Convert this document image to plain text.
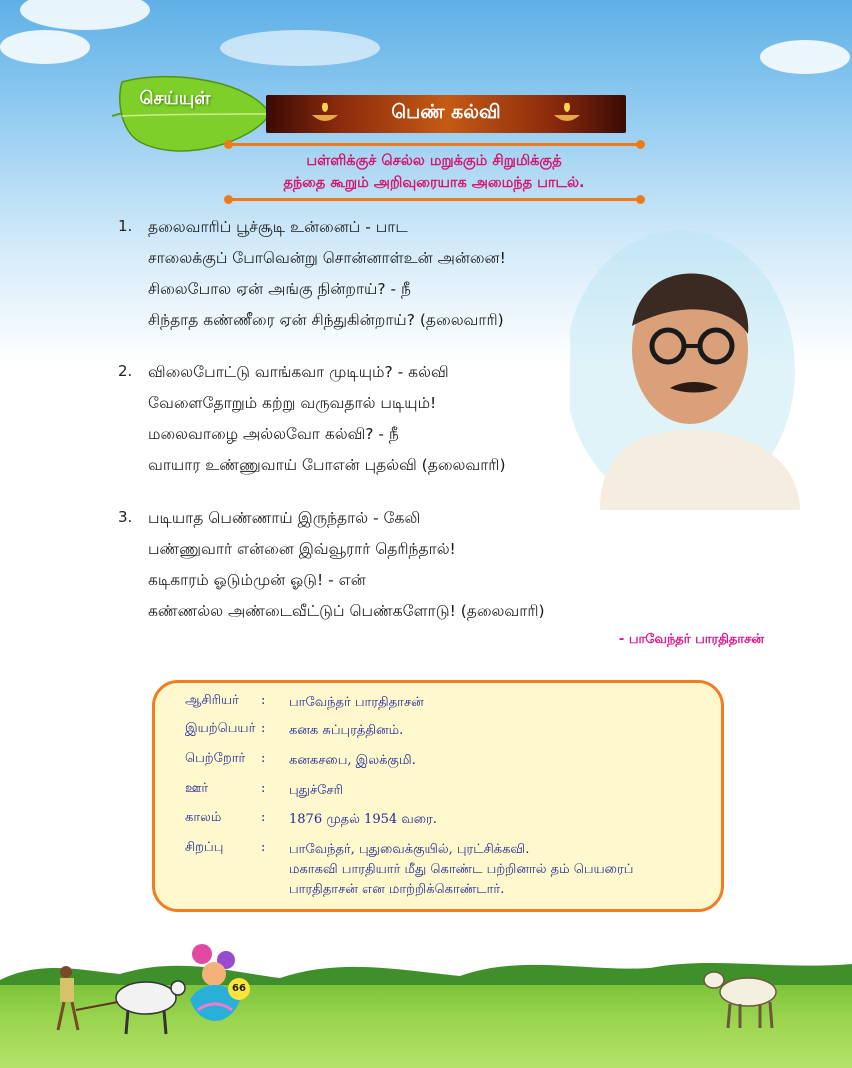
செய்யுள்
பெண் கல்வி
பள்ளிக்குச் செல்ல மறுக்கும் சிறுமிக்குத்
தந்தை கூறும் அறிவுரையாக அமைந்த பாடல்.
1. தலைவாரிப் பூச்சூடி உன்னைப் - பாட
சாலைக்குப் போவென்று சொன்னாள்உன் அன்னை!
சிலைபோல ஏன் அங்கு நின்றாய்? - நீ
சிந்தாத கண்ணீரை ஏன் சிந்துகின்றாய்? (தலைவாரி)
2. விலைபோட்டு வாங்கவா முடியும்? - கல்வி
வேளைதோறும் கற்று வருவதால் படியும்!
மலைவாழை அல்லவோ கல்வி? - நீ
வாயார உண்ணுவாய் போஎன் புதல்வி (தலைவாரி)
3. படியாத பெண்ணாய் இருந்தால் - கேலி
பண்ணுவார் என்னை இவ்வூரார் தெரிந்தால்!
கடிகாரம் ஓடும்முன் ஓடு! - என்
கண்ணல்ல அண்டைவீட்டுப் பெண்களோடு! (தலைவாரி)
- பாவேந்தர் பாரதிதாசன்
ஆசிரியர்	:	பாவேந்தர் பாரதிதாசன்
இயற்பெயர் :	கனக சுப்புரத்தினம்.
பெற்றோர்	:	கனகசபை, இலக்குமி.
ஊர்	:	புதுச்சேரி
காலம்	:	1876 முதல் 1954 வரை.
சிறப்பு	:	பாவேந்தர், புதுவைக்குயில், புரட்சிக்கவி.
மகாகவி பாரதியார் மீது கொண்ட பற்றினால் தம் பெயரைப்
பாரதிதாசன் என மாற்றிக்கொண்டார்.
66
